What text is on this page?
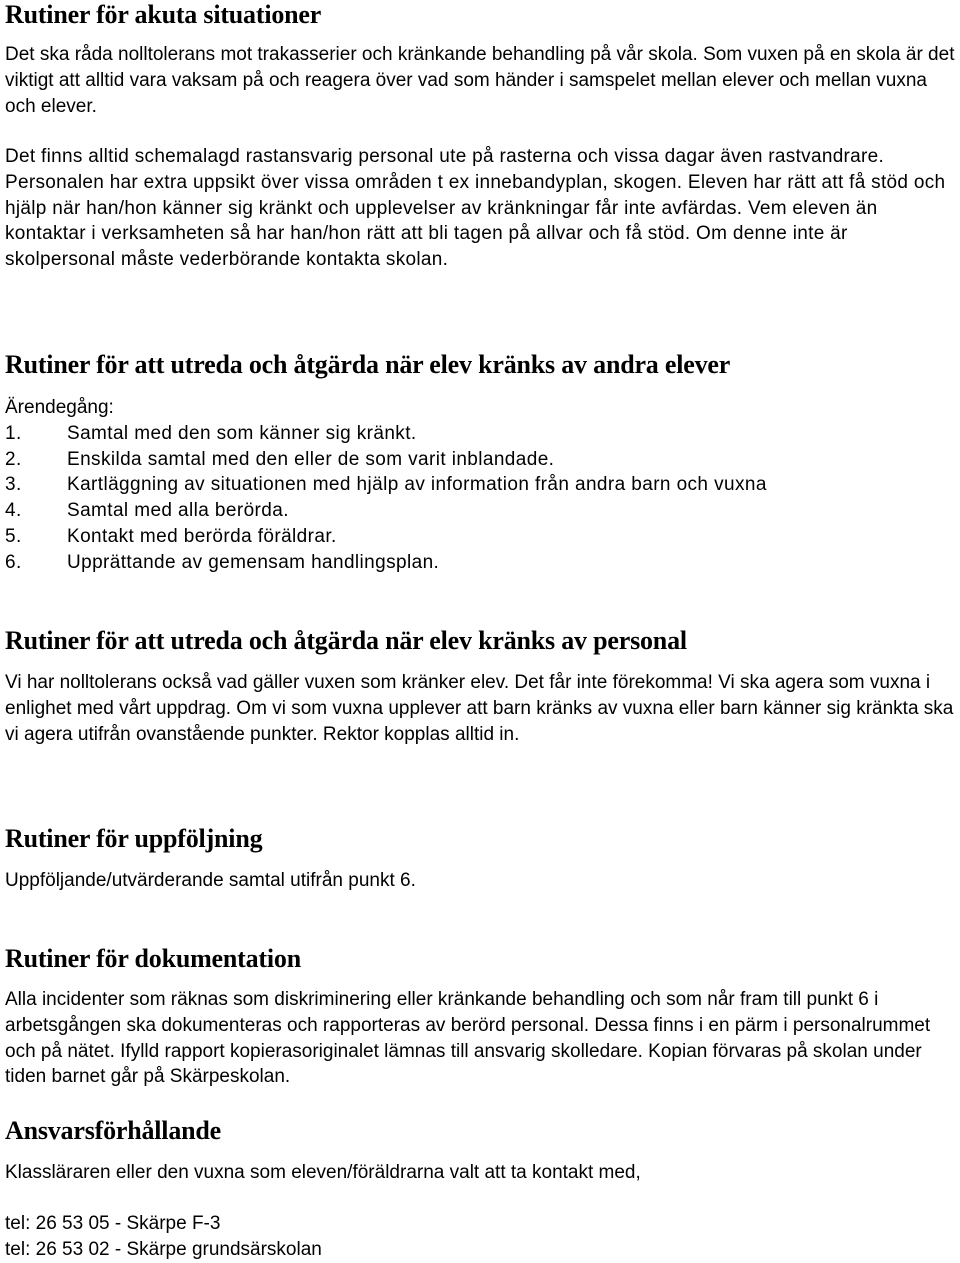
Rutiner för akuta situationer

Det ska råda nolltolerans mot trakasserier och kränkande behandling på vår skola. Som vuxen på en skola är det viktigt att alltid vara vaksam på och reagera över vad som händer i samspelet mellan elever och mellan vuxna och elever.

Det finns alltid schemalagd rastansvarig personal ute på rasterna och vissa dagar även rastvandrare. Personalen har extra uppsikt över vissa områden t ex innebandyplan, skogen. Eleven har rätt att få stöd och hjälp när han/hon känner sig kränkt och upplevelser av kränkningar får inte avfärdas. Vem eleven än kontaktar i verksamheten så har han/hon rätt att bli tagen på allvar och få stöd. Om denne inte är skolpersonal måste vederbörande kontakta skolan.

Rutiner för att utreda och åtgärda när elev kränks av andra elever

Ärendegång:

1. Samtal med den som känner sig kränkt.
2. Enskilda samtal med den eller de som varit inblandade.
3. Kartläggning av situationen med hjälp av information från andra barn och vuxna
4. Samtal med alla berörda.
5. Kontakt med berörda föräldrar.
6. Upprättande av gemensam handlingsplan.
Rutiner för att utreda och åtgärda när elev kränks av personal

Vi har nolltolerans också vad gäller vuxen som kränker elev. Det får inte förekomma! Vi ska agera som vuxna i enlighet med vårt uppdrag. Om vi som vuxna upplever att barn kränks av vuxna eller barn känner sig kränkta ska vi agera utifrån ovanstående punkter. Rektor kopplas alltid in.

Rutiner för uppföljning

Uppföljande/utvärderande samtal utifrån punkt 6.

Rutiner för dokumentation

Alla incidenter som räknas som diskriminering eller kränkande behandling och som når fram till punkt 6 i arbetsgången ska dokumenteras och rapporteras av berörd personal. Dessa finns i en pärm i personalrummet och på nätet. Ifylld rapport kopierasoriginalet lämnas till ansvarig skolledare. Kopian förvaras på skolan under tiden barnet går på Skärpeskolan.

Ansvarsförhållande

Klassläraren eller den vuxna som eleven/föräldrarna valt att ta kontakt med,

tel: 26 53 05 - Skärpe F-3
tel: 26 53 02 - Skärpe grundsärskolan
